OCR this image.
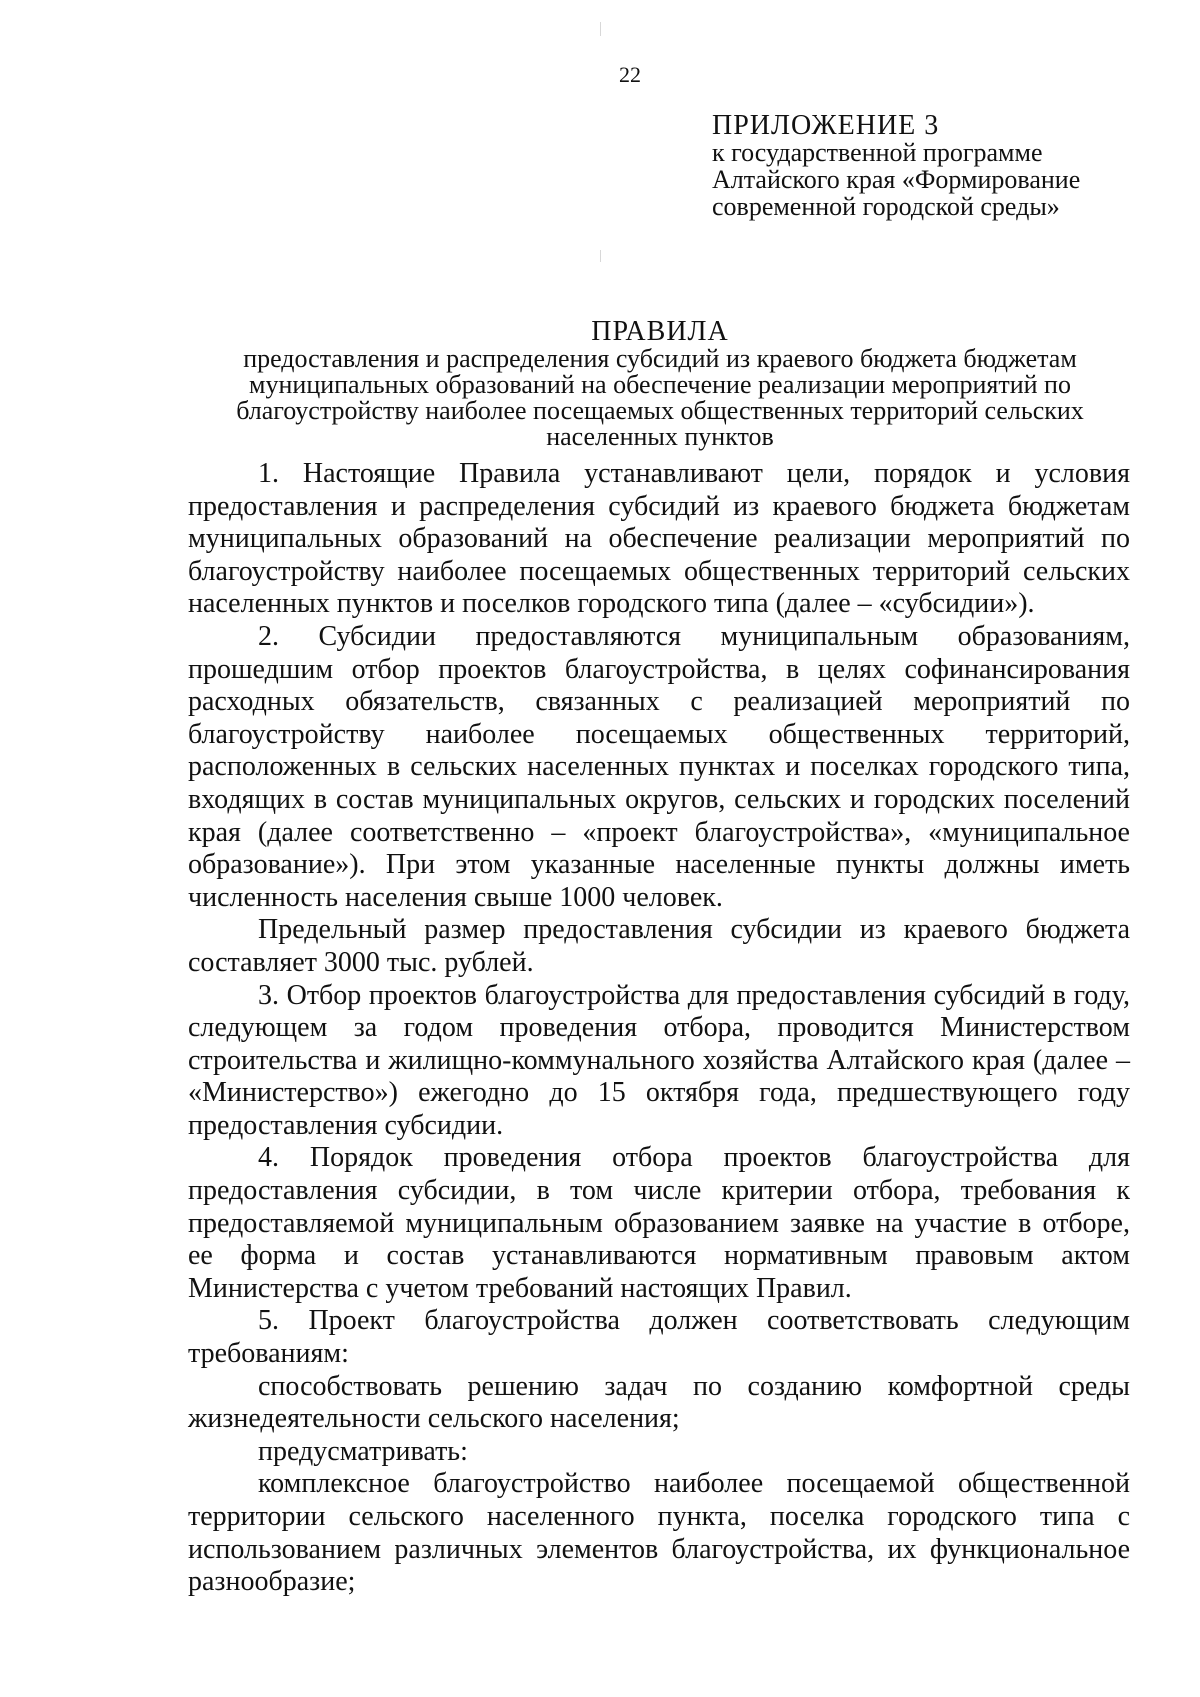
22
ПРИЛОЖЕНИЕ 3
к государственной программе
Алтайского края «Формирование
современной городской среды»
ПРАВИЛА
предоставления и распределения субсидий из краевого бюджета бюджетам
муниципальных образований на обеспечение реализации мероприятий по
благоустройству наиболее посещаемых общественных территорий сельских
населенных пунктов

1. Настоящие Правила устанавливают цели, порядок и условия предоставления и распределения субсидий из краевого бюджета бюджетам муниципальных образований на обеспечение реализации мероприятий по благоустройству наиболее посещаемых общественных территорий сельских населенных пунктов и поселков городского типа (далее – «субсидии»).

2. Субсидии предоставляются муниципальным образованиям, прошедшим отбор проектов благоустройства, в целях софинансирования расходных обязательств, связанных с реализацией мероприятий по благоустройству наиболее посещаемых общественных территорий, расположенных в сельских населенных пунктах и поселках городского типа, входящих в состав муниципальных округов, сельских и городских поселений края (далее соответственно – «проект благоустройства», «муниципальное образование»). При этом указанные населенные пункты должны иметь численность населения свыше 1000 человек.

Предельный размер предоставления субсидии из краевого бюджета составляет 3000 тыс. рублей.

3. Отбор проектов благоустройства для предоставления субсидий в году, следующем за годом проведения отбора, проводится Министерством строительства и жилищно-коммунального хозяйства Алтайского края (далее – «Министерство») ежегодно до 15 октября года, предшествующего году предоставления субсидии.

4. Порядок проведения отбора проектов благоустройства для предоставления субсидии, в том числе критерии отбора, требования к предоставляемой муниципальным образованием заявке на участие в отборе, ее форма и состав устанавливаются нормативным правовым актом Министерства с учетом требований настоящих Правил.

5. Проект благоустройства должен соответствовать следующим требованиям:

способствовать решению задач по созданию комфортной среды жизнедеятельности сельского населения;

предусматривать:

комплексное благоустройство наиболее посещаемой общественной территории сельского населенного пункта, поселка городского типа с использованием различных элементов благоустройства, их функциональное разнообразие;
